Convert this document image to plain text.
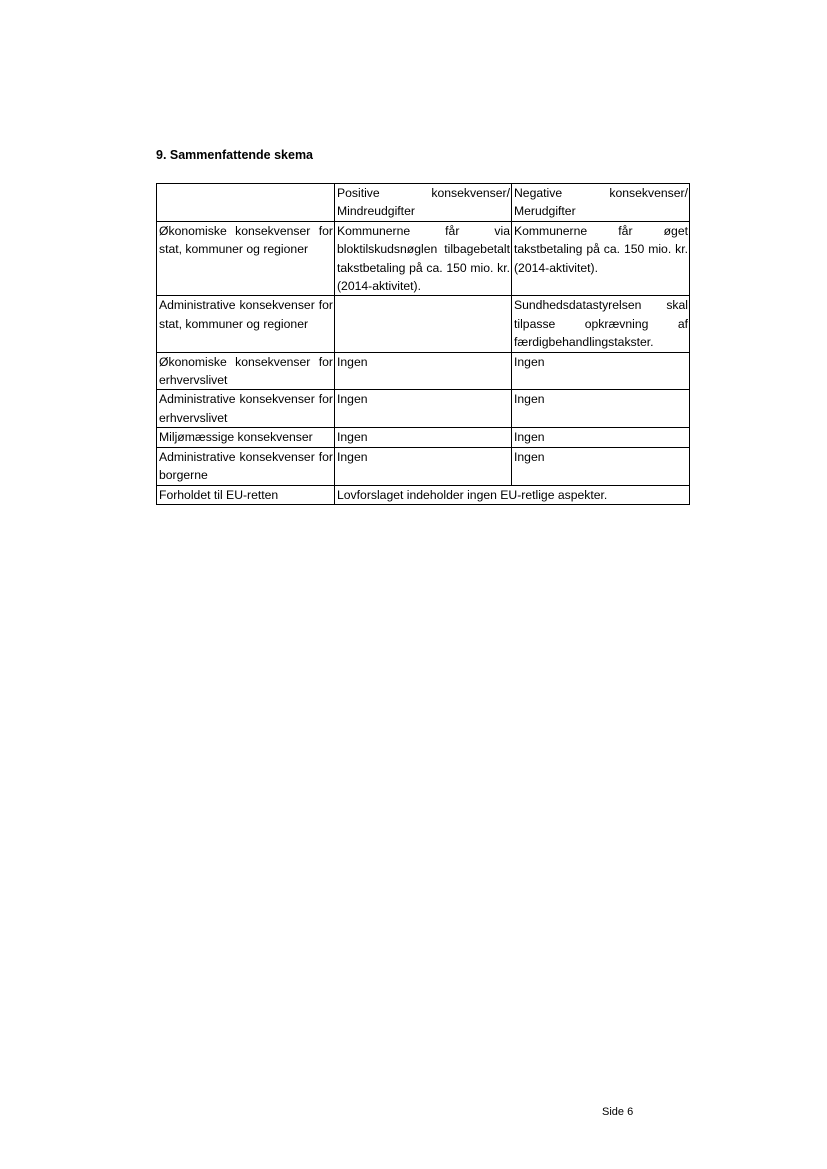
9. Sammenfattende skema
	Positive konsekvenser/ Mindreudgifter	Negative konsekvenser/ Merudgifter
Økonomiske konsekvenser for stat, kommuner og regioner	Kommunerne får via bloktilskudsnøglen tilbagebetalt takstbetaling på ca. 150 mio. kr. (2014-aktivitet).	Kommunerne får øget takstbetaling på ca. 150 mio. kr. (2014-aktivitet).
Administrative konsekvenser for stat, kommuner og regioner		Sundhedsdatastyrelsen skal tilpasse opkrævning af færdigbehandlingstakster.
Økonomiske konsekvenser for erhvervslivet	Ingen	Ingen
Administrative konsekvenser for erhvervslivet	Ingen	Ingen
Miljømæssige konsekvenser	Ingen	Ingen
Administrative konsekvenser for borgerne	Ingen	Ingen
Forholdet til EU-retten	Lovforslaget indeholder ingen EU-retlige aspekter.	
Side 6
